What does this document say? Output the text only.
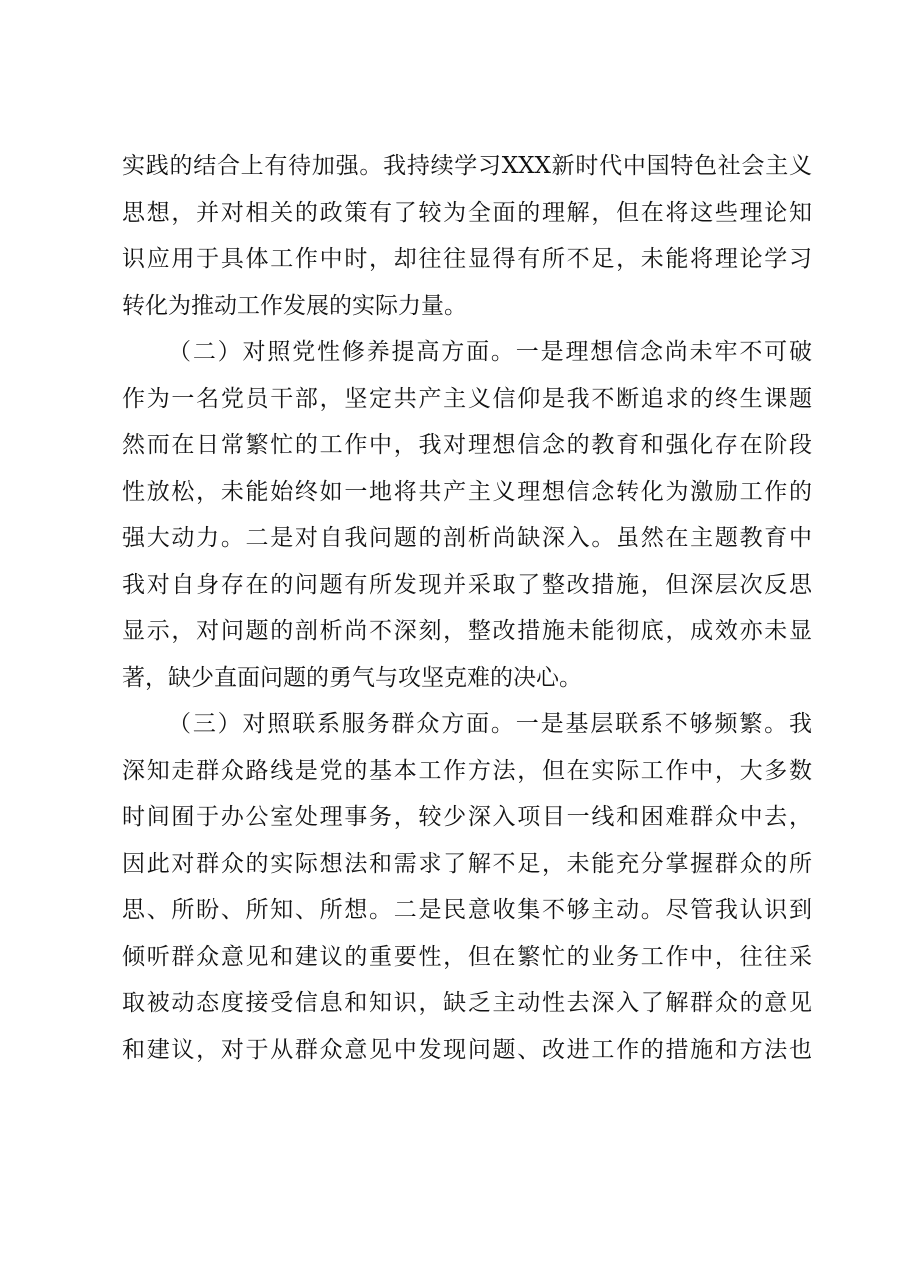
实践的结合上有待加强。我持续学习XXX新时代中国特色社会主义
思想，并对相关的政策有了较为全面的理解，但在将这些理论知
识应用于具体工作中时，却往往显得有所不足，未能将理论学习
转化为推动工作发展的实际力量。
（二）对照党性修养提高方面。一是理想信念尚未牢不可破
作为一名党员干部，坚定共产主义信仰是我不断追求的终生课题
然而在日常繁忙的工作中，我对理想信念的教育和强化存在阶段
性放松，未能始终如一地将共产主义理想信念转化为激励工作的
强大动力。二是对自我问题的剖析尚缺深入。虽然在主题教育中
我对自身存在的问题有所发现并采取了整改措施，但深层次反思
显示，对问题的剖析尚不深刻，整改措施未能彻底，成效亦未显
著，缺少直面问题的勇气与攻坚克难的决心。
（三）对照联系服务群众方面。一是基层联系不够频繁。我
深知走群众路线是党的基本工作方法，但在实际工作中，大多数
时间囿于办公室处理事务，较少深入项目一线和困难群众中去，
因此对群众的实际想法和需求了解不足，未能充分掌握群众的所
思、所盼、所知、所想。二是民意收集不够主动。尽管我认识到
倾听群众意见和建议的重要性，但在繁忙的业务工作中，往往采
取被动态度接受信息和知识，缺乏主动性去深入了解群众的意见
和建议，对于从群众意见中发现问题、改进工作的措施和方法也
